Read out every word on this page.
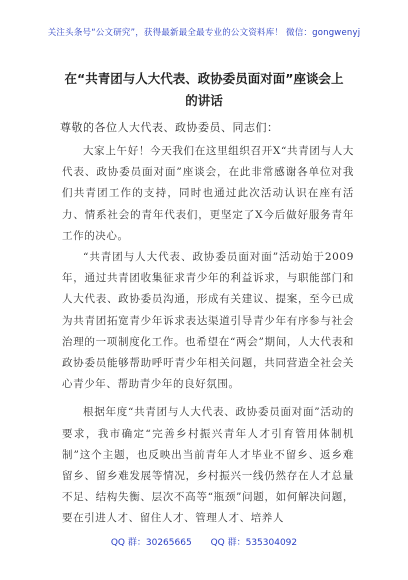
关注头条号“公文研究”，获得最新最全最专业的公文资料库！ 微信：gongwenyj
在“共青团与人大代表、政协委员面对面”座谈会上的讲话
尊敬的各位人大代表、政协委员、同志们：

大家上午好！今天我们在这里组织召开X“共青团与人大代表、政协委员面对面”座谈会，在此非常感谢各单位对我们共青团工作的支持，同时也通过此次活动认识在座有活力、情系社会的青年代表们，更坚定了X今后做好服务青年工作的决心。

“共青团与人大代表、政协委员面对面”活动始于2009年，通过共青团收集征求青少年的利益诉求，与职能部门和人大代表、政协委员沟通，形成有关建议、提案，至今已成为共青团拓宽青少年诉求表达渠道引导青少年有序参与社会治理的一项制度化工作。也希望在“两会”期间，人大代表和政协委员能够帮助呼吁青少年相关问题，共同营造全社会关心青少年、帮助青少年的良好氛围。

根据年度“共青团与人大代表、政协委员面对面”活动的要求，我市确定“完善乡村振兴青年人才引育管用体制机制”这个主题，也反映出当前青年人才毕业不留乡、返乡难留乡、留乡难发展等情况，乡村振兴一线仍然存在人才总量不足、结构失衡、层次不高等“瓶颈”问题，如何解决问题，要在引进人才、留住人才、管理人才、培养人

QQ 群：30265665 QQ 群：535304092
